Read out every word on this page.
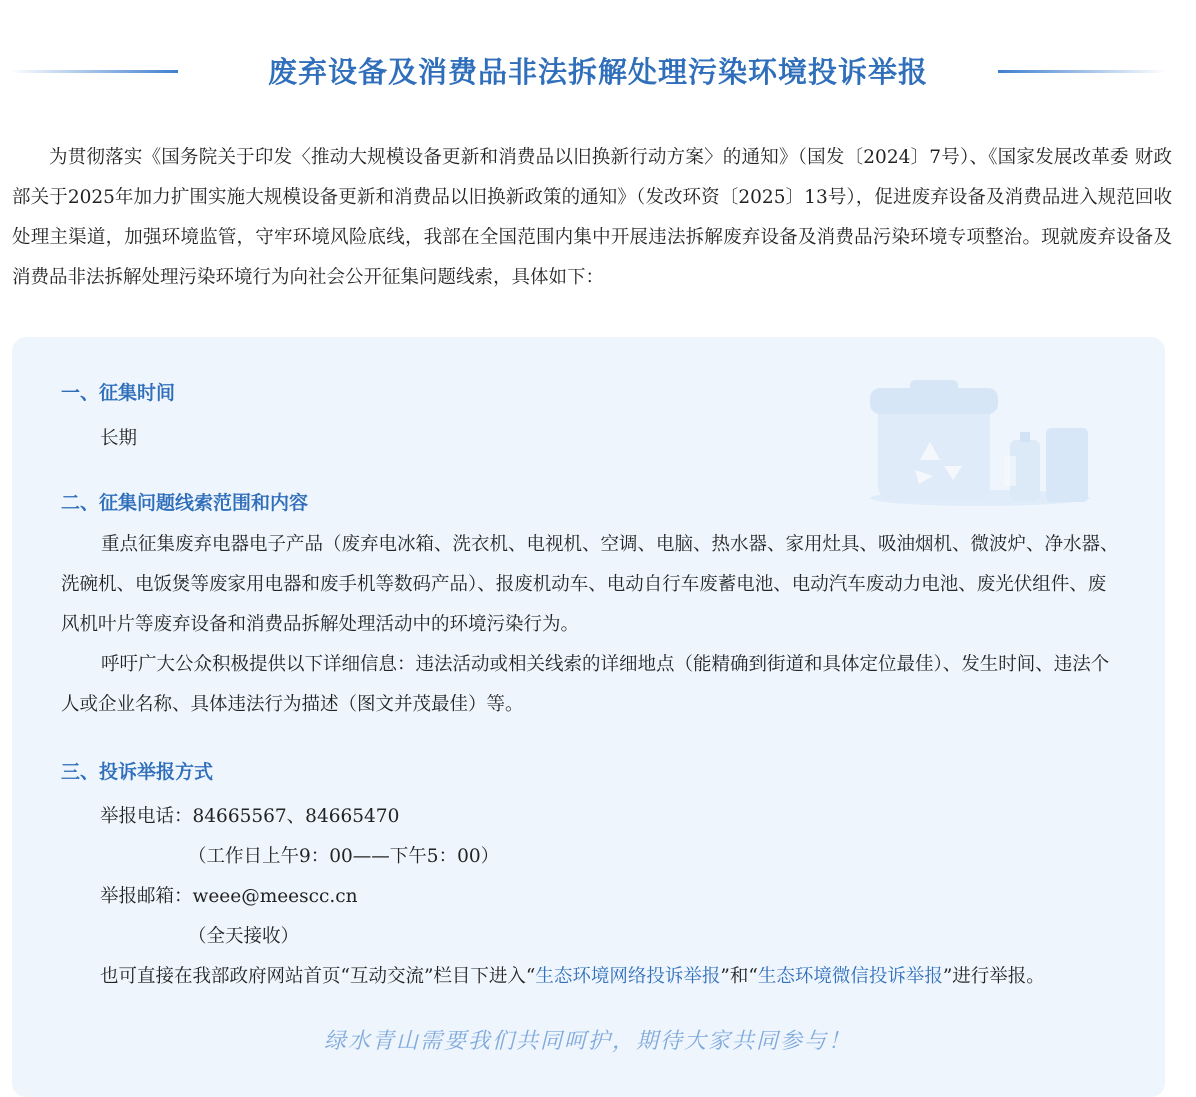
废弃设备及消费品非法拆解处理污染环境投诉举报
为贯彻落实《国务院关于印发〈推动大规模设备更新和消费品以旧换新行动方案〉的通知》（国发〔2024〕7号）、《国家发展改革委 财政部关于2025年加力扩围实施大规模设备更新和消费品以旧换新政策的通知》（发改环资〔2025〕13号），促进废弃设备及消费品进入规范回收处理主渠道，加强环境监管，守牢环境风险底线，我部在全国范围内集中开展违法拆解废弃设备及消费品污染环境专项整治。现就废弃设备及消费品非法拆解处理污染环境行为向社会公开征集问题线索，具体如下：
一、征集时间
长期
二、征集问题线索范围和内容
重点征集废弃电器电子产品（废弃电冰箱、洗衣机、电视机、空调、电脑、热水器、家用灶具、吸油烟机、微波炉、净水器、洗碗机、电饭煲等废家用电器和废手机等数码产品）、报废机动车、电动自行车废蓄电池、电动汽车废动力电池、废光伏组件、废风机叶片等废弃设备和消费品拆解处理活动中的环境污染行为。
呼吁广大公众积极提供以下详细信息：违法活动或相关线索的详细地点（能精确到街道和具体定位最佳）、发生时间、违法个人或企业名称、具体违法行为描述（图文并茂最佳）等。
三、投诉举报方式
举报电话：84665567、84665470
（工作日上午9：00——下午5：00）
举报邮箱：weee@meescc.cn
（全天接收）
也可直接在我部政府网站首页“互动交流”栏目下进入“生态环境网络投诉举报”和“生态环境微信投诉举报”进行举报。
绿水青山需要我们共同呵护，期待大家共同参与！
